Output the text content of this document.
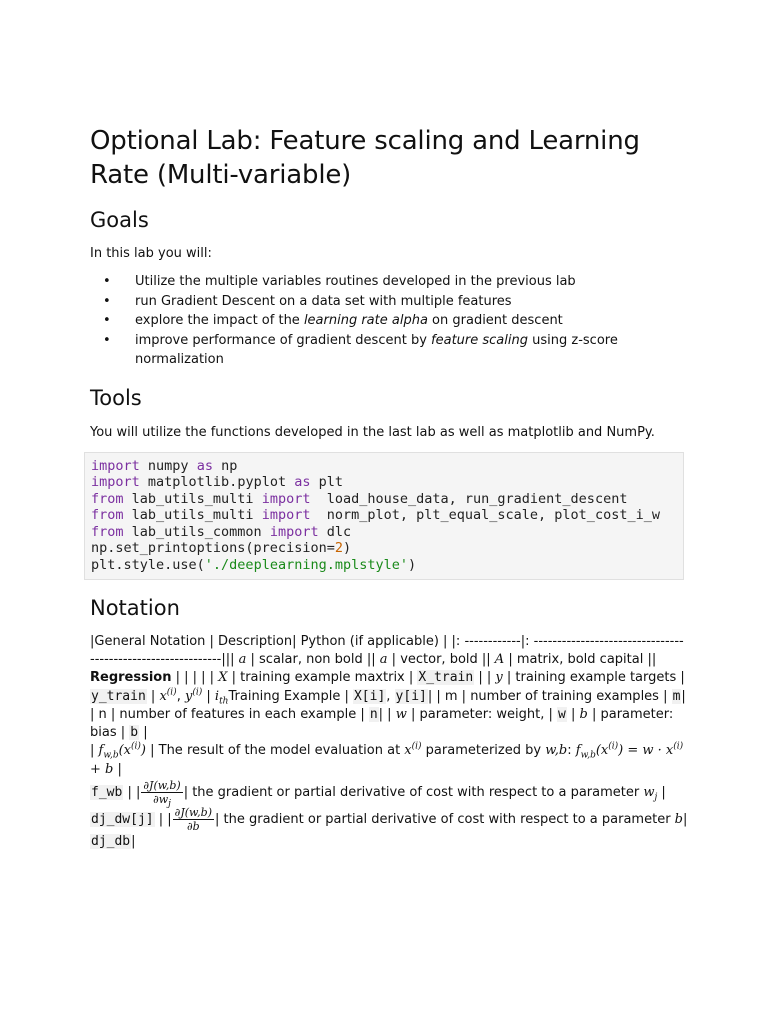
Optional Lab: Feature scaling and Learning Rate (Multi-variable)
Goals

In this lab you will:

• Utilize the multiple variables routines developed in the previous lab
• run Gradient Descent on a data set with multiple features
• explore the impact of the learning rate alpha on gradient descent
• improve performance of gradient descent by feature scaling using z-score normalization
Tools

You will utilize the functions developed in the last lab as well as matplotlib and NumPy.

import numpy as np
import matplotlib.pyplot as plt
from lab_utils_multi import  load_house_data, run_gradient_descent
from lab_utils_multi import  norm_plot, plt_equal_scale, plot_cost_i_w
from lab_utils_common import dlc
np.set_printoptions(precision=2)
plt.style.use('./deeplearning.mplstyle')
Notation

|General Notation | Description| Python (if applicable) | |: ------------|: ------------------------------------------------------------||| a | scalar, non bold || a | vector, bold || A | matrix, bold capital || Regression | | | | | X | training example maxtrix | X_train | | y | training example targets | y_train | $x^{(i)}$, $y^{(i)}$ | $i_{th}Training$ Example | X[i], y[i]| | m | number of training examples | m| | n | number of features in each example | n| | w | parameter: weight, | w | b | parameter: bias | b |
| $f_{w,b}(x^{(i)})$ | The result of the model evaluation at $x^{(i)}$ parameterized by w,b: $f_{w,b}(x^{(i)}) = w \cdot x^{(i)} + b$ |
f_wb | | $\frac{\partial J(w,b)}{\partial w_j}$ | the gradient or partial derivative of cost with respect to a parameter $w_j$ |
dj_dw[j] | | $\frac{\partial J(w,b)}{\partial b}$ | the gradient or partial derivative of cost with respect to a parameter b|
dj_db|
